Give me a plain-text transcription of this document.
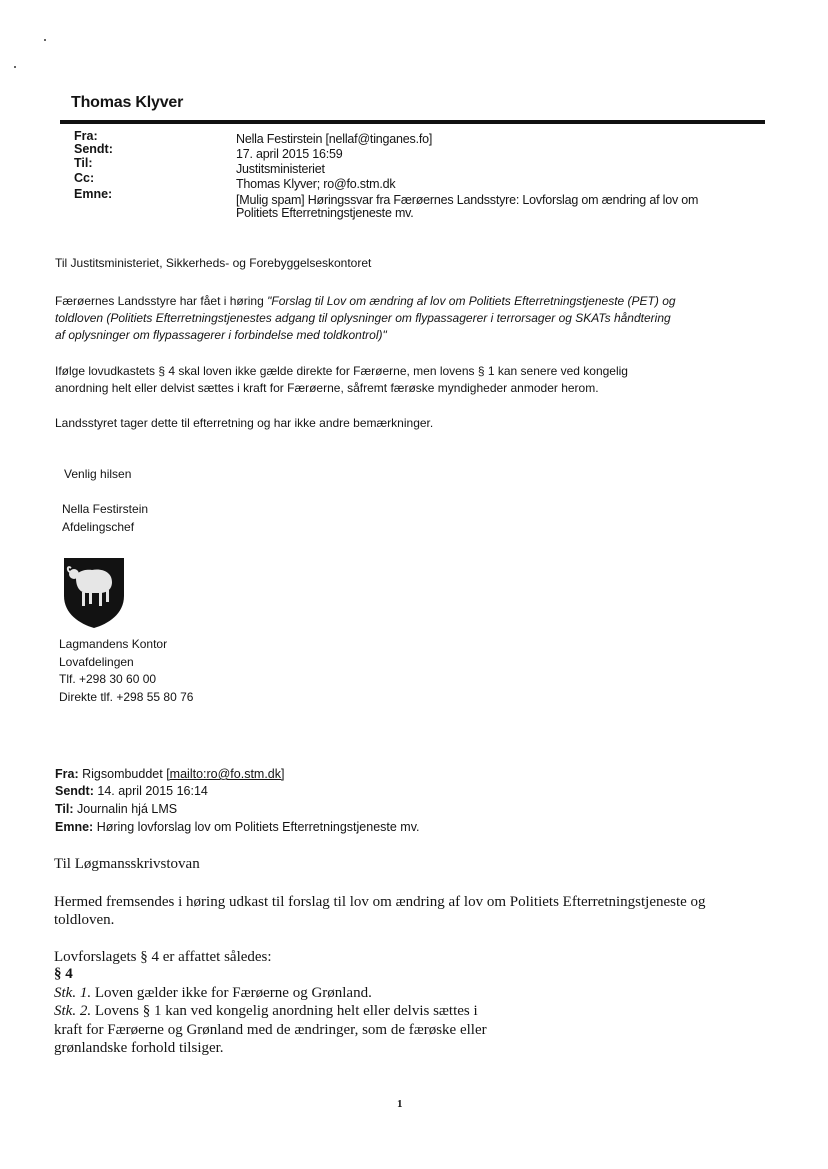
Thomas Klyver
Fra:
Sendt:
Til:
Cc:
Emne:
Nella Festirstein [nellaf@tinganes.fo]
17. april 2015 16:59
Justitsministeriet
Thomas Klyver; ro@fo.stm.dk
[Mulig spam] Høringssvar fra Færøernes Landsstyre: Lovforslag om ændring af lov om
Politiets Efterretningstjeneste mv.
Til Justitsministeriet, Sikkerheds- og Forebyggelseskontoret
Færøernes Landsstyre har fået i høring "Forslag til Lov om ændring af lov om Politiets Efterretningstjeneste (PET) og
toldloven (Politiets Efterretningstjenestes adgang til oplysninger om flypassagerer i terrorsager og SKATs håndtering
af oplysninger om flypassagerer i forbindelse med toldkontrol)"
Ifølge lovudkastets § 4 skal loven ikke gælde direkte for Færøerne, men lovens § 1 kan senere ved kongelig
anordning helt eller delvist sættes i kraft for Færøerne, såfremt færøske myndigheder anmoder herom.
Landsstyret tager dette til efterretning og har ikke andre bemærkninger.
Venlig hilsen
Nella Festirstein
Afdelingschef
Lagmandens Kontor
Lovafdelingen
Tlf. +298 30 60 00
Direkte tlf. +298 55 80 76
Fra: Rigsombuddet [mailto:ro@fo.stm.dk]
Sendt: 14. april 2015 16:14
Til: Journalin hjá LMS
Emne: Høring lovforslag lov om Politiets Efterretningstjeneste mv.
Til Løgmansskrivstovan
Hermed fremsendes i høring udkast til forslag til lov om ændring af lov om Politiets Efterretningstjeneste og
toldloven.
Lovforslagets § 4 er affattet således:
§ 4
Stk. 1. Loven gælder ikke for Færøerne og Grønland.
Stk. 2. Lovens § 1 kan ved kongelig anordning helt eller delvis sættes i
kraft for Færøerne og Grønland med de ændringer, som de færøske eller
grønlandske forhold tilsiger.
1
